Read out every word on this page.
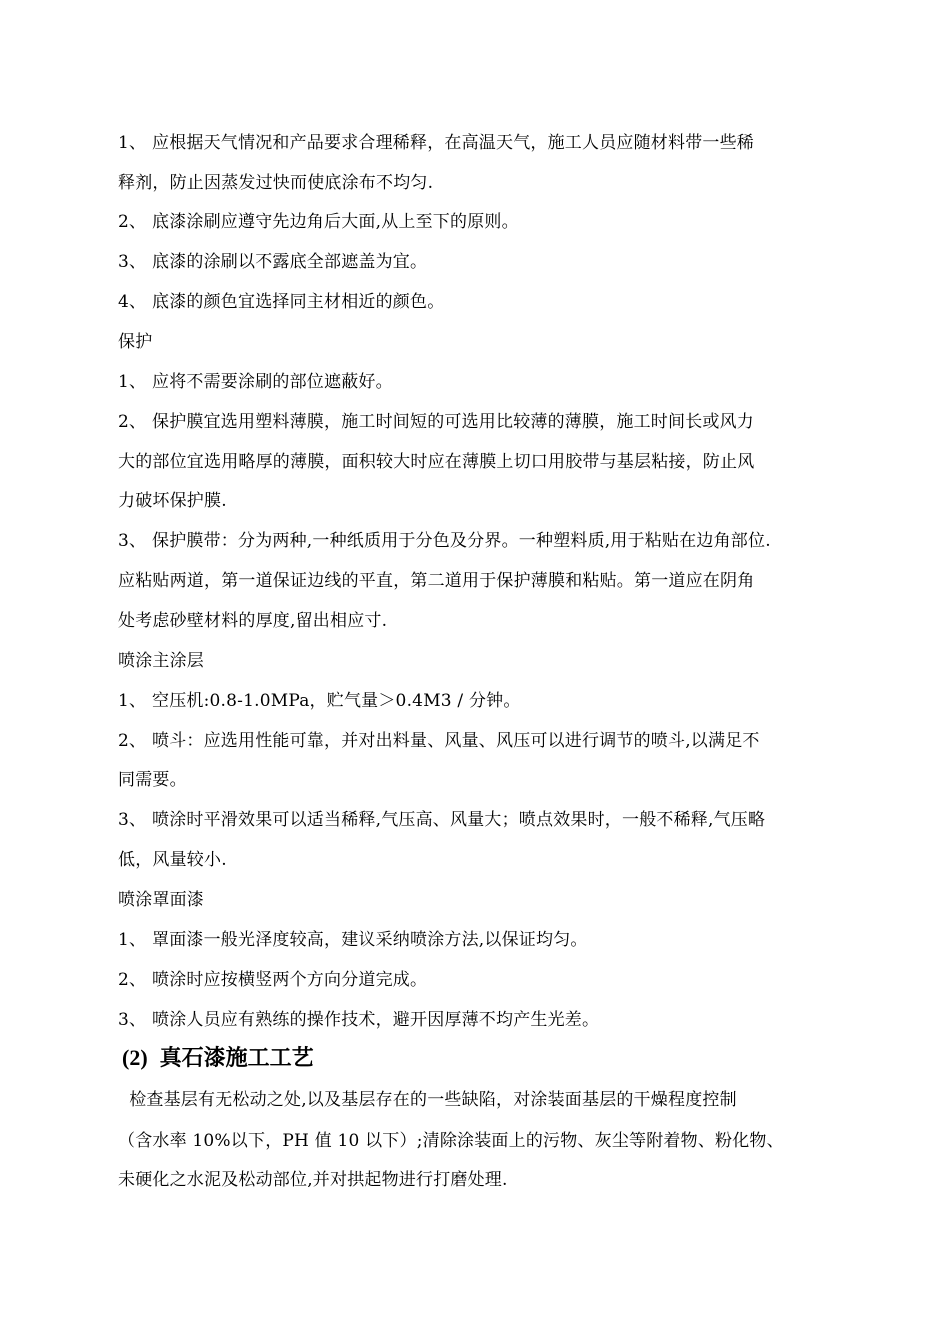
1、 应根据天气情况和产品要求合理稀释，在高温天气，施工人员应随材料带一些稀
释剂，防止因蒸发过快而使底涂布不均匀.
2、 底漆涂刷应遵守先边角后大面,从上至下的原则。
3、 底漆的涂刷以不露底全部遮盖为宜。
4、 底漆的颜色宜选择同主材相近的颜色。
保护
1、 应将不需要涂刷的部位遮蔽好。
2、 保护膜宜选用塑料薄膜，施工时间短的可选用比较薄的薄膜，施工时间长或风力
大的部位宜选用略厚的薄膜，面积较大时应在薄膜上切口用胶带与基层粘接，防止风
力破坏保护膜.
3、 保护膜带：分为两种,一种纸质用于分色及分界。一种塑料质,用于粘贴在边角部位.
应粘贴两道，第一道保证边线的平直，第二道用于保护薄膜和粘贴。第一道应在阴角
处考虑砂壁材料的厚度,留出相应寸.
喷涂主涂层
1、 空压机:0.8-1.0MPa，贮气量＞0.4M3 / 分钟。
2、 喷斗：应选用性能可靠，并对出料量、风量、风压可以进行调节的喷斗,以满足不
同需要。
3、 喷涂时平滑效果可以适当稀释,气压高、风量大；喷点效果时，一般不稀释,气压略
低，风量较小.
喷涂罩面漆
1、 罩面漆一般光泽度较高，建议采纳喷涂方法,以保证均匀。
2、 喷涂时应按横竖两个方向分道完成。
3、 喷涂人员应有熟练的操作技术，避开因厚薄不均产生光差。
(2) 真石漆施工工艺
检查基层有无松动之处,以及基层存在的一些缺陷，对涂装面基层的干燥程度控制
（含水率 10%以下，PH 值 10 以下）;清除涂装面上的污物、灰尘等附着物、粉化物、
未硬化之水泥及松动部位,并对拱起物进行打磨处理.
